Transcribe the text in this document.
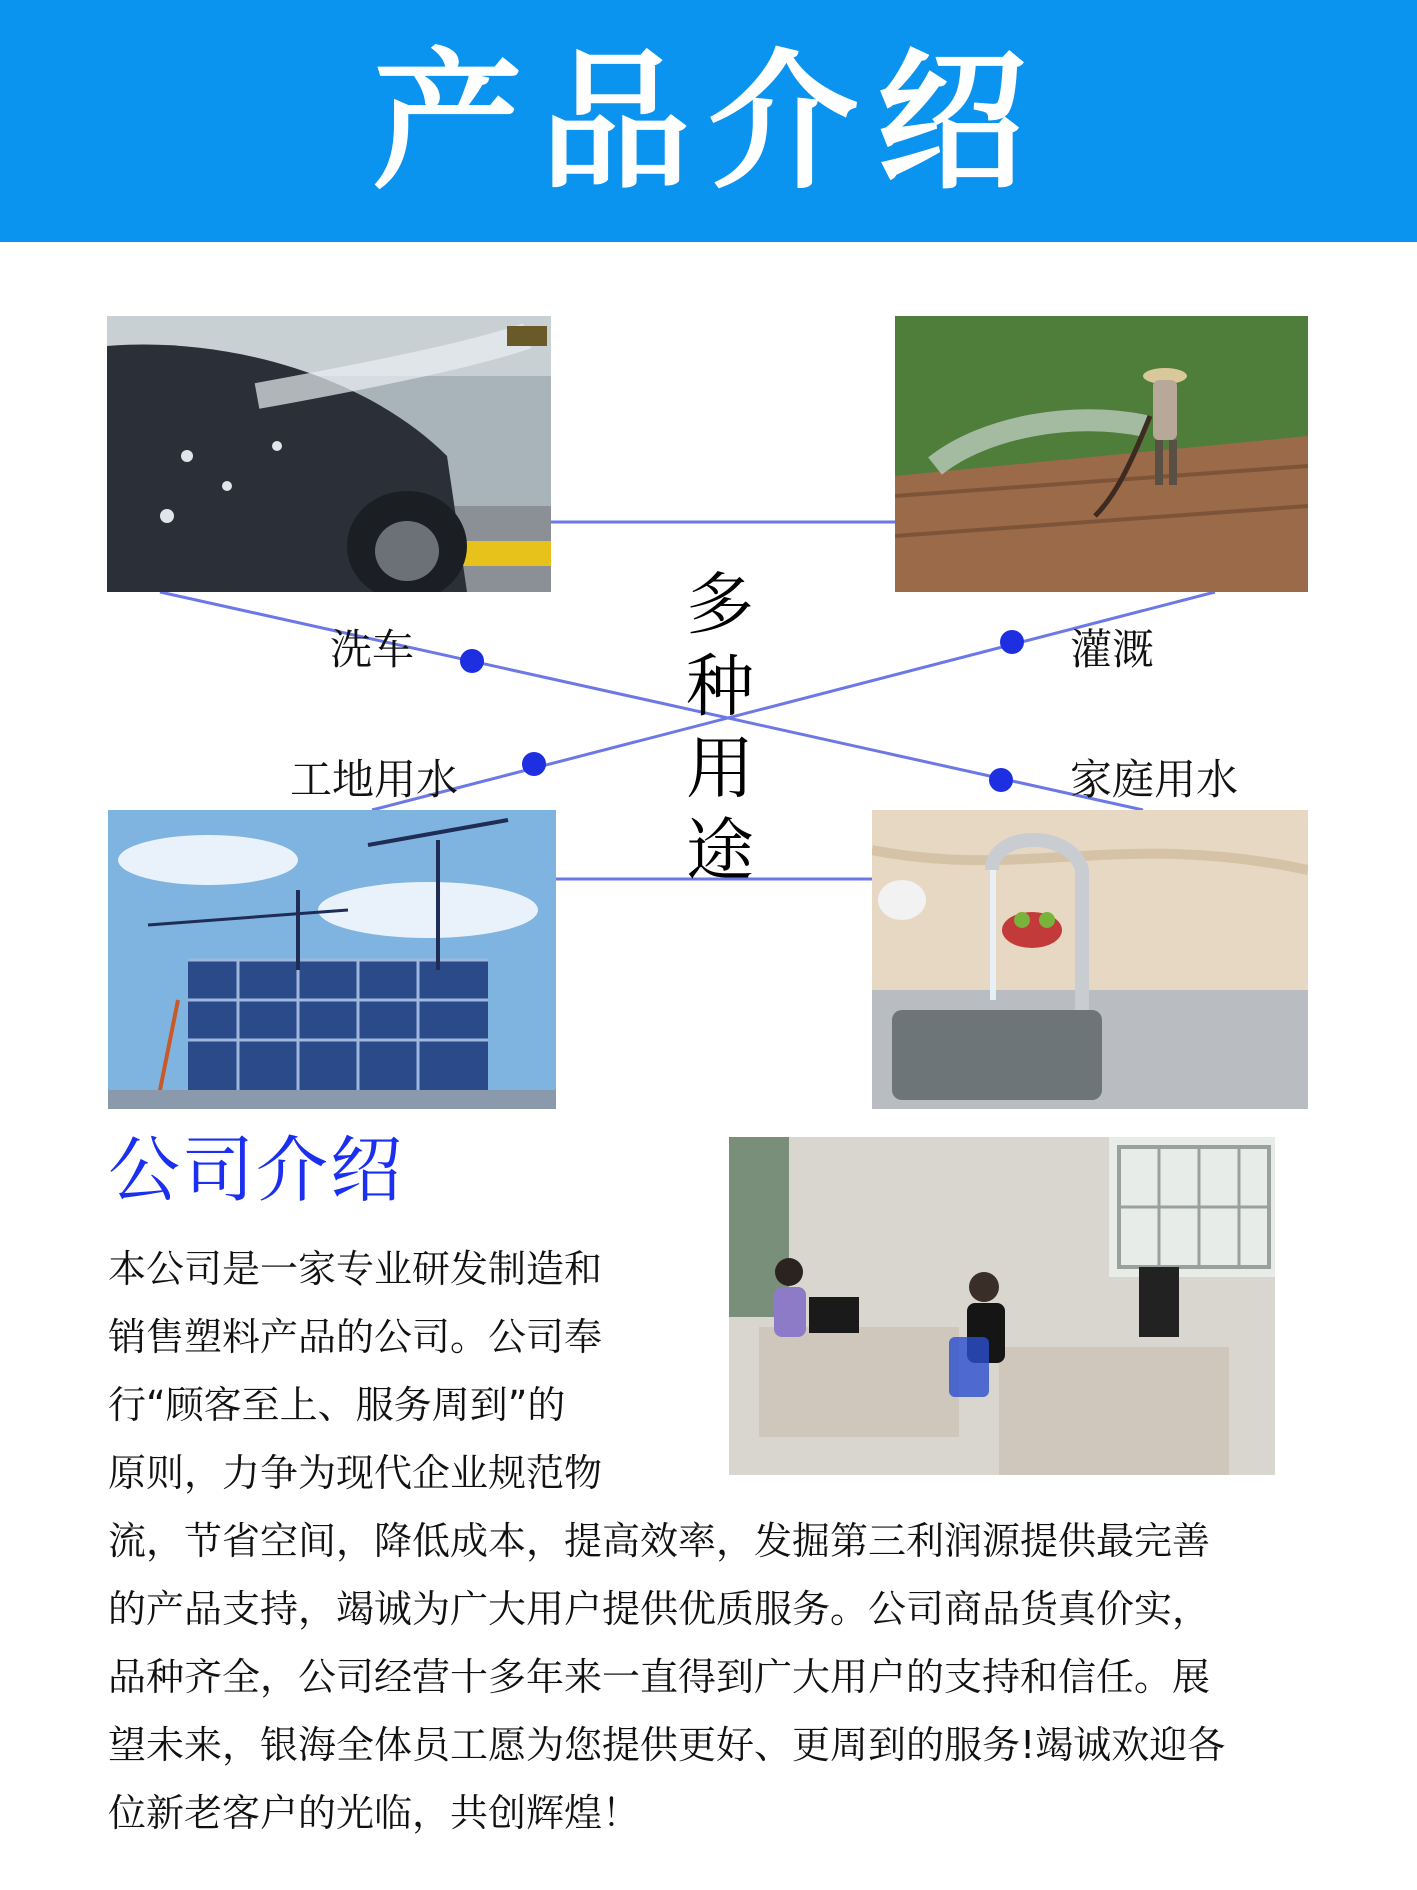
产品介绍
洗车	灌溉
工地用水	家庭用水
多
种
用
途
公司介绍
本公司是一家专业研发制造和
销售塑料产品的公司。公司奉
行“顾客至上、服务周到”的
原则，力争为现代企业规范物
流，节省空间，降低成本，提高效率，发掘第三利润源提供最完善
的产品支持，竭诚为广大用户提供优质服务。公司商品货真价实，
品种齐全，公司经营十多年来一直得到广大用户的支持和信任。展
望未来，银海全体员工愿为您提供更好、更周到的服务!竭诚欢迎各
位新老客户的光临，共创辉煌！
